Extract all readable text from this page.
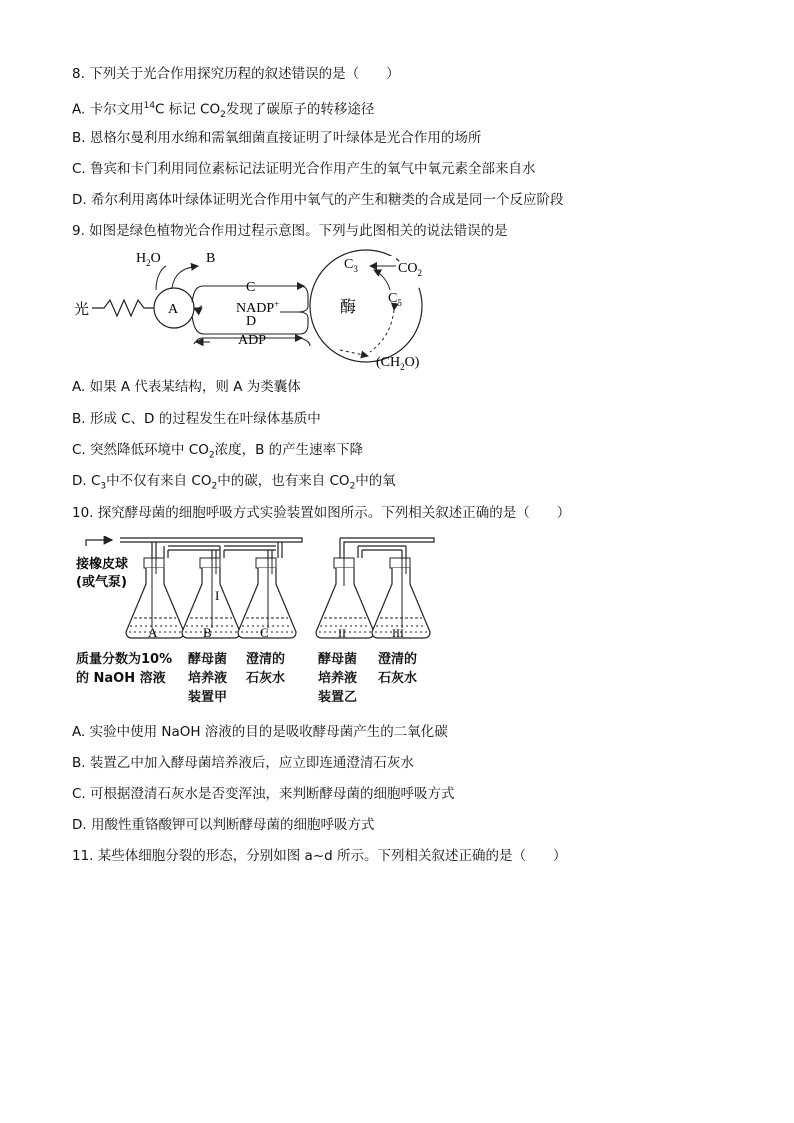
8. 下列关于光合作用探究历程的叙述错误的是（　　）
A. 卡尔文用$^{14}$C 标记 $CO_2$发现了碳原子的转移途径
B. 恩格尔曼利用水绵和需氧细菌直接证明了叶绿体是光合作用的场所
C. 鲁宾和卡门利用同位素标记法证明光合作用产生的氧气中氧元素全部来自水
D. 希尔利用离体叶绿体证明光合作用中氧气的产生和糖类的合成是同一个反应阶段
9. 如图是绿色植物光合作用过程示意图。下列与此图相关的说法错误的是
光	A
$H_2O$	B
C
NADP+
D
ADP
酶
$C_3$	$CO_2$
$C_5$
$(CH_2O)$
A. 如果 A 代表某结构，则 A 为类囊体
B. 形成 C、D 的过程发生在叶绿体基质中
C. 突然降低环境中 $CO_2$浓度，B 的产生速率下降
D. $C_3$中不仅有来自 $CO_2$中的碳，也有来自 $CO_2$中的氧
10. 探究酵母菌的细胞呼吸方式实验装置如图所示。下列相关叙述正确的是（　　）
接橡皮球
(或气泵)
A
I
B	C	II	III
质量分数为10%
的 NaOH 溶液
酵母菌
培养液
装置甲
澄清的
石灰水
酵母菌
培养液
装置乙
澄清的
石灰水
A. 实验中使用 NaOH 溶液的目的是吸收酵母菌产生的二氧化碳
B. 装置乙中加入酵母菌培养液后，应立即连通澄清石灰水
C. 可根据澄清石灰水是否变浑浊，来判断酵母菌的细胞呼吸方式
D. 用酸性重铬酸钾可以判断酵母菌的细胞呼吸方式
11. 某些体细胞分裂的形态，分别如图 a~d 所示。下列相关叙述正确的是（　　）
